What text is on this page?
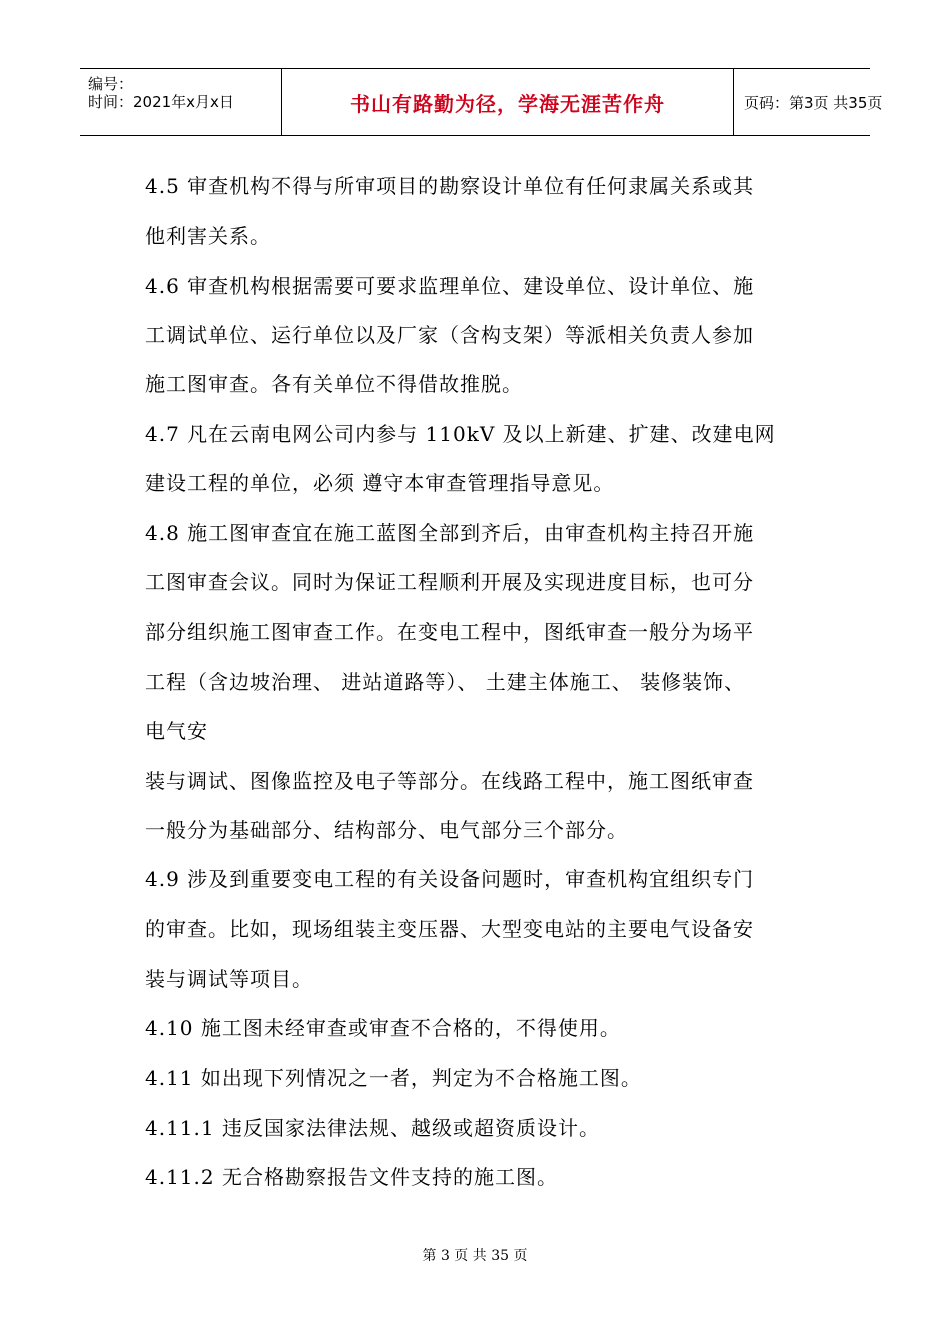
编号：
时间：2021年x月x日	书山有路勤为径，学海无涯苦作舟	页码：第3页 共35页
4.5 审查机构不得与所审项目的勘察设计单位有任何隶属关系或其
他利害关系。
4.6 审查机构根据需要可要求监理单位、建设单位、设计单位、施
工调试单位、运行单位以及厂家（含构支架）等派相关负责人参加
施工图审查。各有关单位不得借故推脱。
4.7 凡在云南电网公司内参与 110kV 及以上新建、扩建、改建电网
建设工程的单位，必须 遵守本审查管理指导意见。
4.8 施工图审查宜在施工蓝图全部到齐后，由审查机构主持召开施
工图审查会议。同时为保证工程顺利开展及实现进度目标，也可分
部分组织施工图审查工作。在变电工程中，图纸审查一般分为场平
工程（含边坡治理、 进站道路等）、 土建主体施工、 装修装饰、
电气安
装与调试、图像监控及电子等部分。在线路工程中，施工图纸审查
一般分为基础部分、结构部分、电气部分三个部分。
4.9 涉及到重要变电工程的有关设备问题时，审查机构宜组织专门
的审查。比如，现场组装主变压器、大型变电站的主要电气设备安
装与调试等项目。
4.10 施工图未经审查或审查不合格的，不得使用。
4.11 如出现下列情况之一者，判定为不合格施工图。
4.11.1 违反国家法律法规、越级或超资质设计。
4.11.2 无合格勘察报告文件支持的施工图。
第 3 页 共 35 页
